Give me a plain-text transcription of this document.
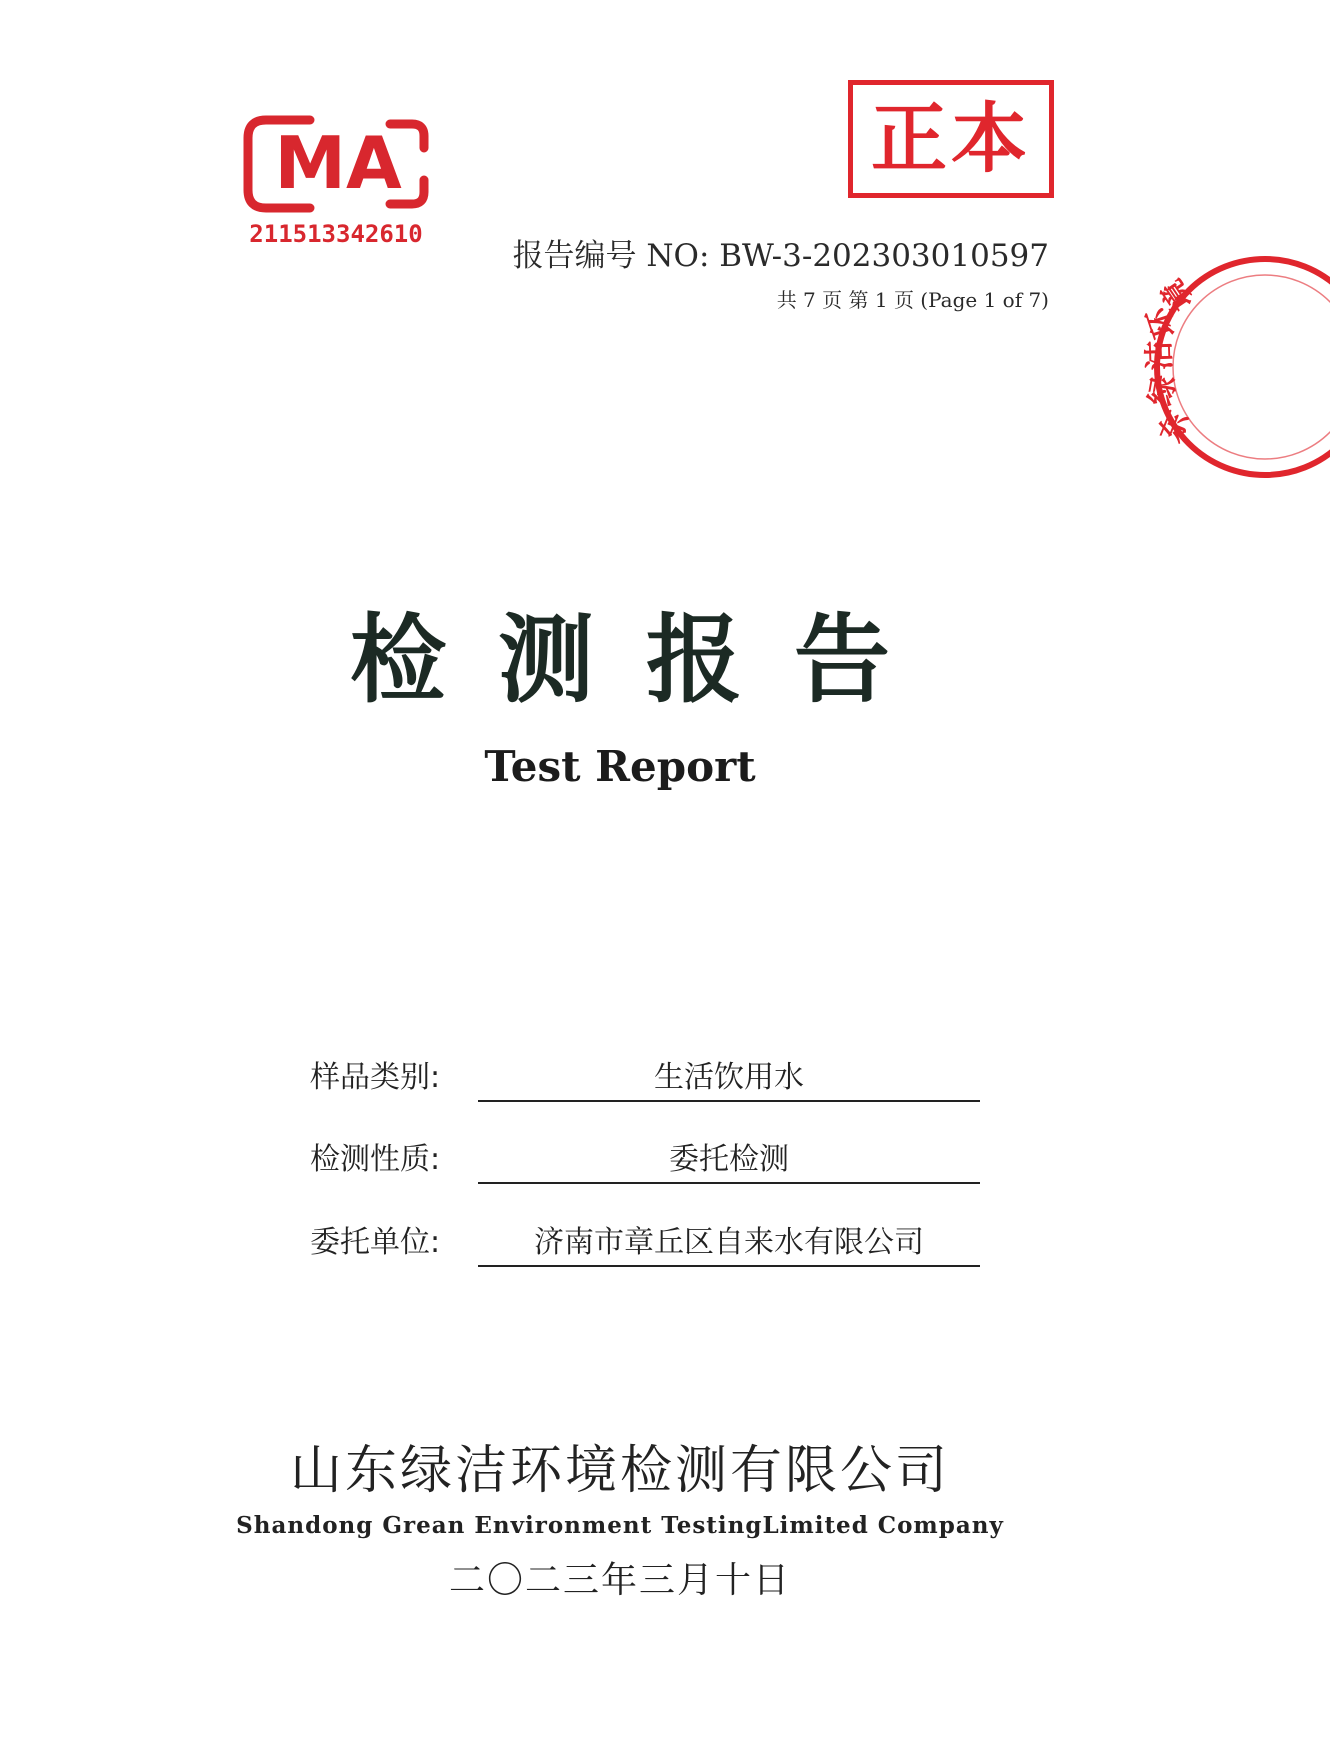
MA
211513342610
正本
报告编号 NO: BW-3-202303010597
共 7 页 第 1 页 (Page 1 of 7)
东
绿
洁
环
境
检测报告
Test Report
样品类别:	生活饮用水
检测性质:	委托检测
委托单位:	济南市章丘区自来水有限公司
山东绿洁环境检测有限公司
Shandong Grean Environment TestingLimited Company
二〇二三年三月十日
